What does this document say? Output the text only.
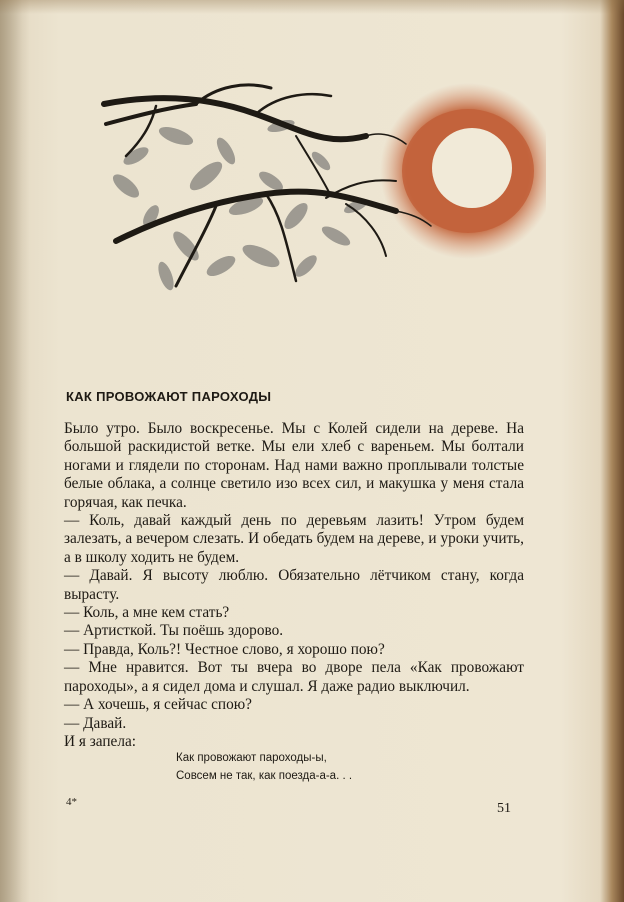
КАК ПРОВОЖАЮТ ПАРОХОДЫ

Было утро. Было воскресенье. Мы с Колей сидели на дереве. На большой раскидистой ветке. Мы ели хлеб с вареньем. Мы болтали ногами и глядели по сторонам. Над нами важно проплывали толстые белые облака, а солнце светило изо всех сил, и макушка у меня стала горячая, как печка.

— Коль, давай каждый день по деревьям лазить! Утром будем залезать, а вечером слезать. И обедать будем на дереве, и уроки учить, а в школу ходить не будем.

— Давай. Я высоту люблю. Обязательно лётчиком стану, когда вырасту.

— Коль, а мне кем стать?

— Артисткой. Ты поёшь здорово.

— Правда, Коль?! Честное слово, я хорошо пою?

— Мне нравится. Вот ты вчера во дворе пела «Как провожают пароходы», а я сидел дома и слушал. Я даже радио выключил.

— А хочешь, я сейчас спою?

— Давай.

И я запела:

Как провожают пароходы-ы,
Совсем не так, как поезда-а-а. . .
4*	51
